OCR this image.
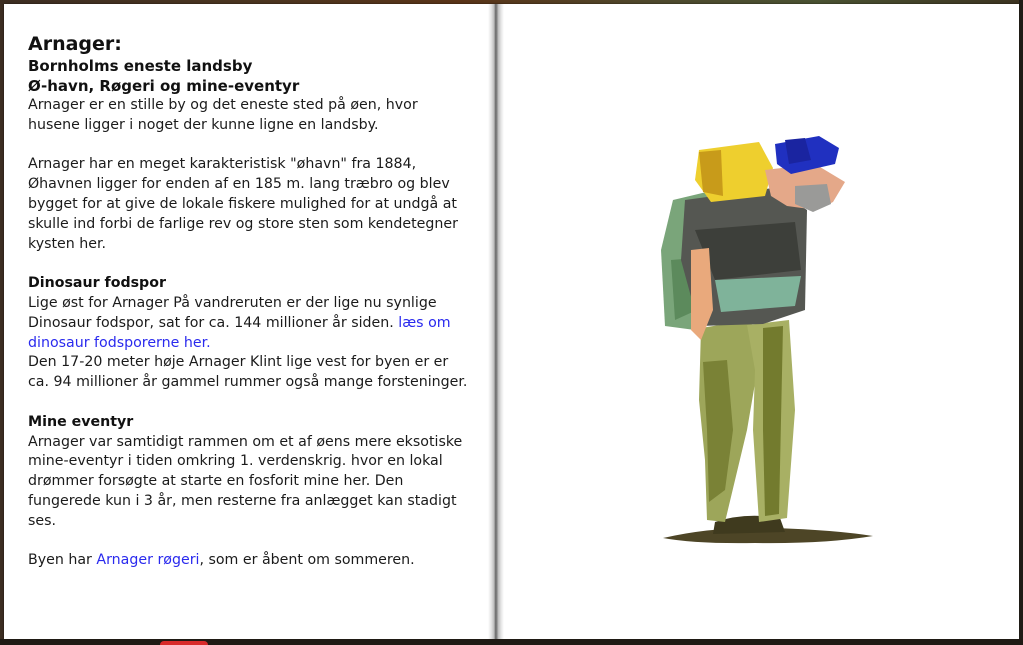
Arnager:
Bornholms eneste landsby
Ø-havn, Røgeri og mine-eventyr

Arnager er en stille by og det eneste sted på øen, hvor husene ligger i noget der kunne ligne en landsby.

Arnager har en meget karakteristisk "øhavn" fra 1884, Øhavnen ligger for enden af en 185 m. lang træbro og blev bygget for at give de lokale fiskere mulighed for at undgå at skulle ind forbi de farlige rev og store sten som kendetegner kysten her.

Dinosaur fodspor

Lige øst for Arnager På vandreruten er der lige nu synlige Dinosaur fodspor, sat for ca. 144 millioner år siden. læs om dinosaur fodsporerne her.
Den 17-20 meter høje Arnager Klint lige vest for byen er er ca. 94 millioner år gammel rummer også mange forsteninger.

Mine eventyr

Arnager var samtidigt rammen om et af øens mere eksotiske mine-eventyr i tiden omkring 1. verdenskrig. hvor en lokal drømmer forsøgte at starte en fosforit mine her. Den fungerede kun i 3 år, men resterne fra anlægget kan stadigt ses.

Byen har Arnager røgeri, som er åbent om sommeren.
